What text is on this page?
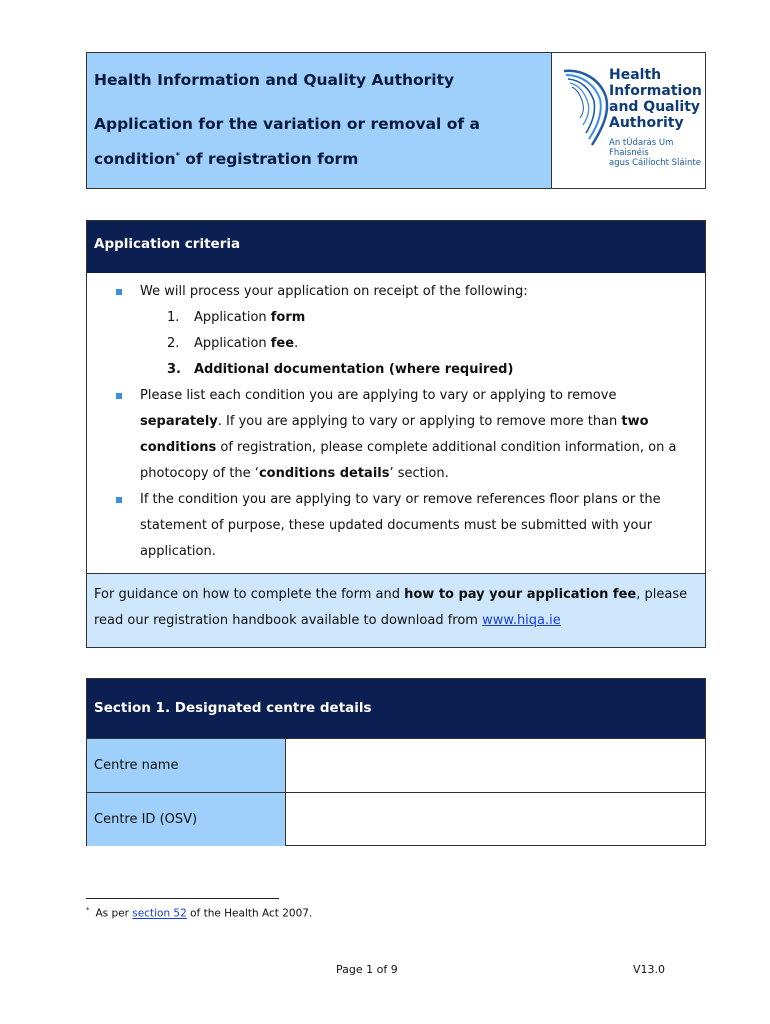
Health Information and Quality Authority
Application for the variation or removal of a
condition* of registration form
Health
Information
and Quality
Authority
An tÚdarás Um Fhaisnéis
agus Cáilíocht Sláinte
Application criteria
We will process your application on receipt of the following:
1. Application form
2. Application fee.
3. Additional documentation (where required)
Please list each condition you are applying to vary or applying to remove separately. If you are applying to vary or applying to remove more than two conditions of registration, please complete additional condition information, on a photocopy of the ‘conditions details’ section.
If the condition you are applying to vary or remove references floor plans or the statement of purpose, these updated documents must be submitted with your application.
For guidance on how to complete the form and how to pay your application fee, please read our registration handbook available to download from www.hiqa.ie
Section 1. Designated centre details
Centre name
Centre ID (OSV)
* As per section 52 of the Health Act 2007.
Page 1 of 9	V13.0
